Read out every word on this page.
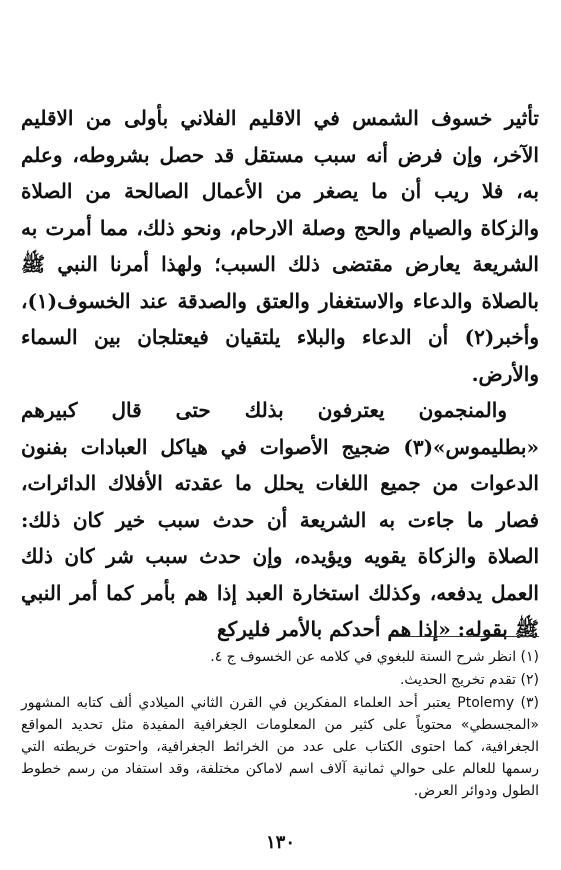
تأثير خسوف الشمس في الاقليم الفلاني بأولى من الاقليم الآخر، وإن فرض أنه سبب مستقل قد حصل بشروطه، وعلم به، فلا ريب أن ما يصغر من الأعمال الصالحة من الصلاة والزكاة والصيام والحج وصلة الارحام، ونحو ذلك، مما أمرت به الشريعة يعارض مقتضى ذلك السبب؛ ولهذا أمرنا النبي ﷺ بالصلاة والدعاء والاستغفار والعتق والصدقة عند الخسوف(١)، وأخبر(٢) أن الدعاء والبلاء يلتقيان فيعتلجان بين السماء والأرض.

والمنجمون يعترفون بذلك حتى قال كبيرهم «بطليموس»(٣) ضجيج الأصوات في هياكل العبادات بفنون الدعوات من جميع اللغات يحلل ما عقدته الأفلاك الدائرات، فصار ما جاءت به الشريعة أن حدث سبب خير كان ذلك: الصلاة والزكاة يقويه ويؤيده، وإن حدث سبب شر كان ذلك العمل يدفعه، وكذلك استخارة العبد إذا هم بأمر كما أمر النبي ﷺ بقوله: «إذا هم أحدكم بالأمر فليركع

(١) انظر شرح السنة للبغوي في كلامه عن الخسوف ج ٤.

(٢) تقدم تخريج الحديث.

(٣) Ptolemy يعتبر أحد العلماء المفكرين في القرن الثاني الميلادي ألف كتابه المشهور «المجسطي» محتوياً على كثير من المعلومات الجغرافية المفيدة مثل تحديد المواقع الجغرافية، كما احتوى الكتاب على عدد من الخرائط الجغرافية، واحتوت خريطته التي رسمها للعالم على حوالي ثمانية آلاف اسم لاماكن مختلفة، وقد استفاد من رسم خطوط الطول ودوائر العرض.

١٣٠
